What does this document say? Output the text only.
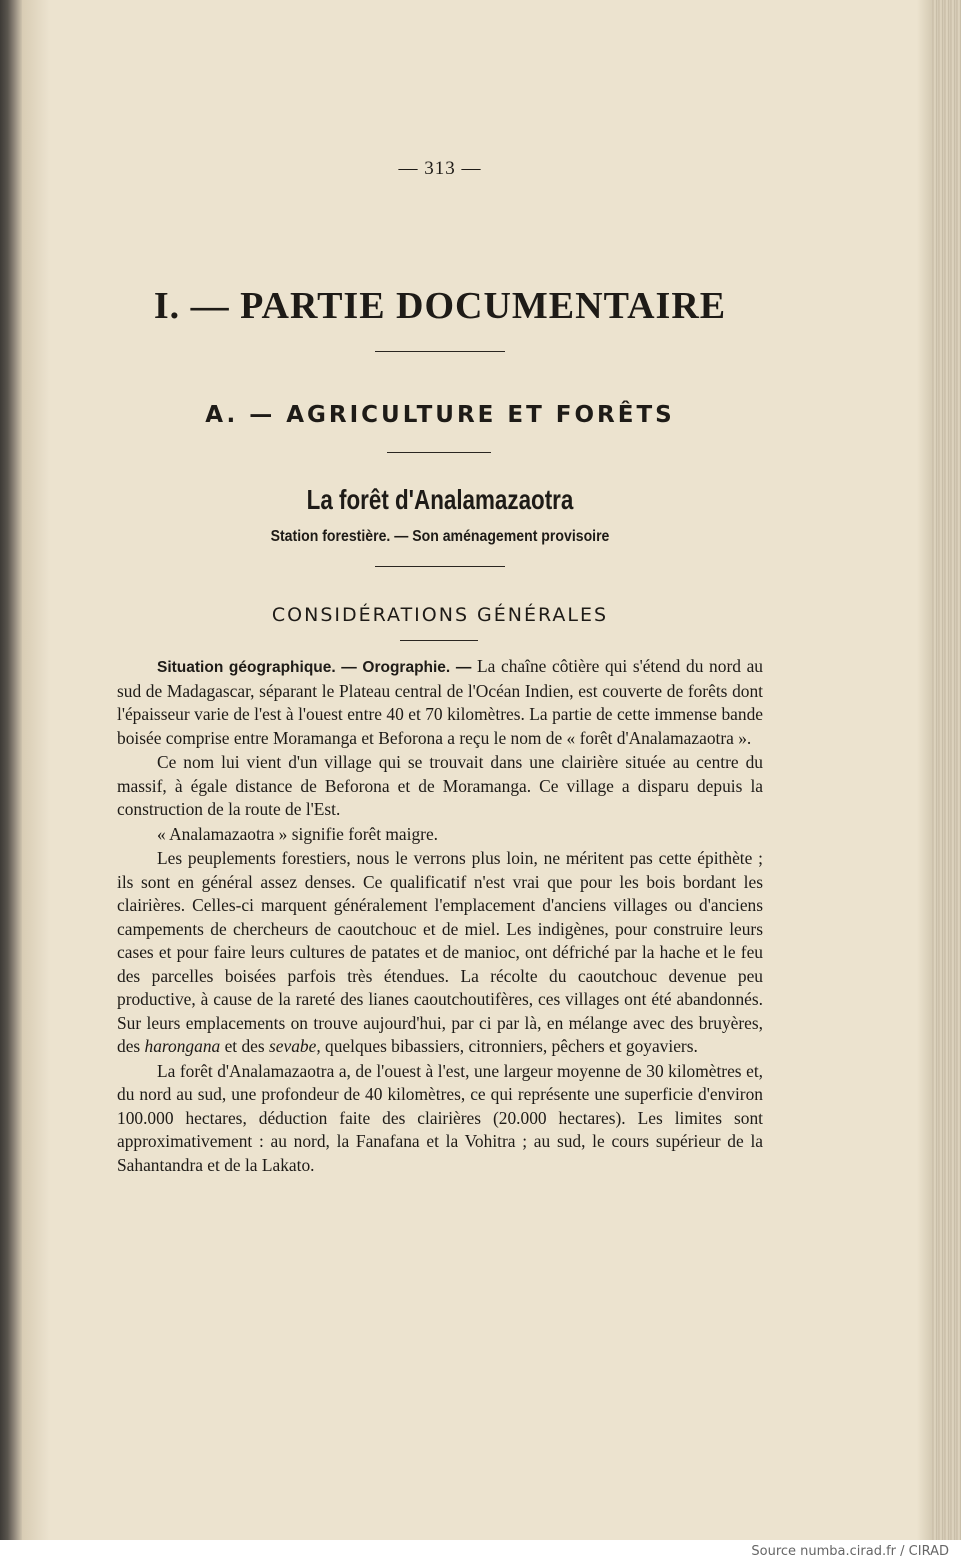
— 313 —
I. — PARTIE DOCUMENTAIRE
A. — AGRICULTURE ET FORÊTS
La forêt d'Analamazaotra
Station forestière. — Son aménagement provisoire
CONSIDÉRATIONS GÉNÉRALES

Situation géographique. — Orographie. — La chaîne côtière qui s'étend du nord au sud de Madagascar, séparant le Plateau central de l'Océan Indien, est couverte de forêts dont l'épaisseur varie de l'est à l'ouest entre 40 et 70 kilomètres. La partie de cette immense bande boisée comprise entre Moramanga et Beforona a reçu le nom de « forêt d'Analamazaotra ».

Ce nom lui vient d'un village qui se trouvait dans une clairière située au centre du massif, à égale distance de Beforona et de Moramanga. Ce village a disparu depuis la construction de la route de l'Est.

« Analamazaotra » signifie forêt maigre.

Les peuplements forestiers, nous le verrons plus loin, ne méritent pas cette épithète ; ils sont en général assez denses. Ce qualificatif n'est vrai que pour les bois bordant les clairières. Celles-ci marquent généralement l'emplacement d'anciens villages ou d'anciens campements de chercheurs de caoutchouc et de miel. Les indigènes, pour construire leurs cases et pour faire leurs cultures de patates et de manioc, ont défriché par la hache et le feu des parcelles boisées parfois très étendues. La récolte du caoutchouc devenue peu productive, à cause de la rareté des lianes caoutchoutifères, ces villages ont été abandonnés. Sur leurs emplacements on trouve aujourd'hui, par ci par là, en mélange avec des bruyères, des harongana et des sevabe, quelques bibassiers, citronniers, pêchers et goyaviers.

La forêt d'Analamazaotra a, de l'ouest à l'est, une largeur moyenne de 30 kilomètres et, du nord au sud, une profondeur de 40 kilomètres, ce qui représente une superficie d'environ 100.000 hectares, déduction faite des clairières (20.000 hectares). Les limites sont approximativement : au nord, la Fanafana et la Vohitra ; au sud, le cours supérieur de la Sahantandra et de la Lakato.

Source numba.cirad.fr / CIRAD
